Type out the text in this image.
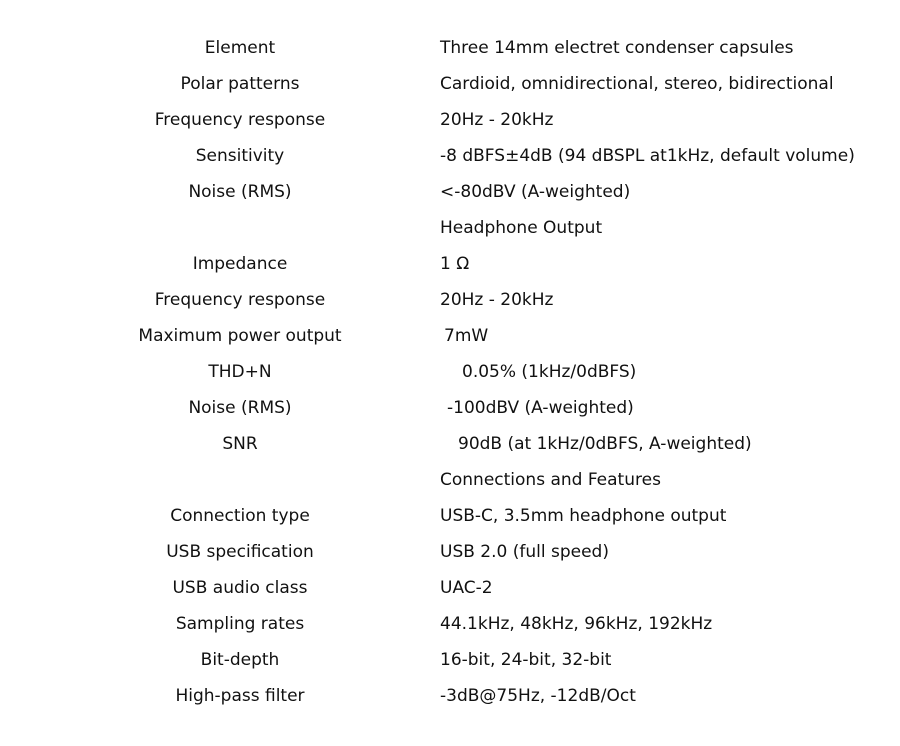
Element	Three 14mm electret condenser capsules
Polar patterns	Cardioid, omnidirectional, stereo, bidirectional
Frequency response	20Hz - 20kHz
Sensitivity	-8 dBFS±4dB (94 dBSPL at1kHz, default volume)
Noise (RMS)	<-80dBV (A-weighted)
Headphone Output
Impedance	1 Ω
Frequency response	20Hz - 20kHz
Maximum power output	7mW
THD+N	0.05% (1kHz/0dBFS)
Noise (RMS)	-100dBV (A-weighted)
SNR	90dB (at 1kHz/0dBFS, A-weighted)
Connections and Features
Connection type	USB-C, 3.5mm headphone output
USB specification	USB 2.0 (full speed)
USB audio class	UAC-2
Sampling rates	44.1kHz, 48kHz, 96kHz, 192kHz
Bit-depth	16-bit, 24-bit, 32-bit
High-pass filter	-3dB@75Hz, -12dB/Oct
